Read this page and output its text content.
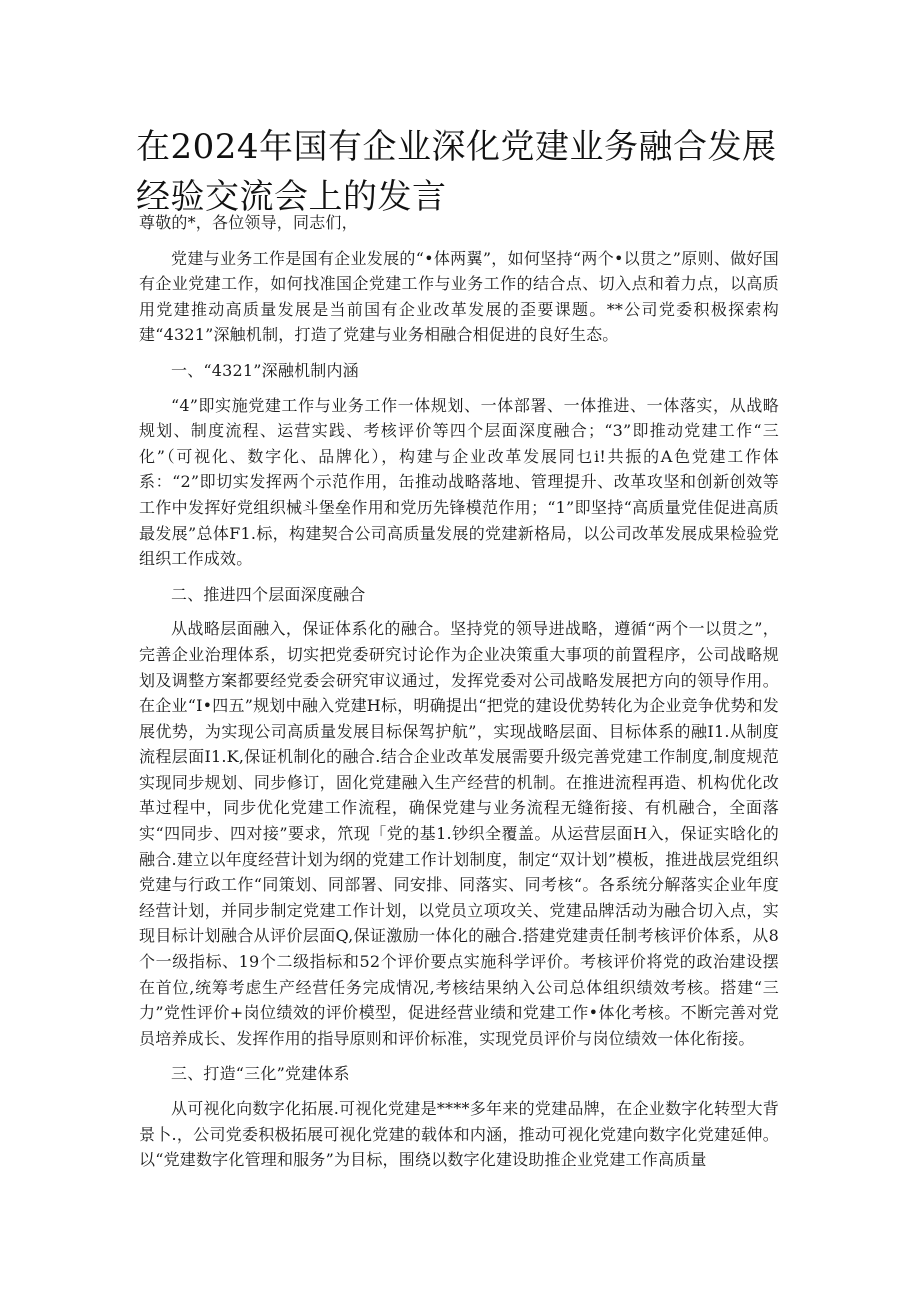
在2024年国有企业深化党建业务融合发展经验交流会上的发言

尊敬的*，各位领导，同志们，

党建与业务工作是国有企业发展的“•体两翼”，如何坚持“两个•以贯之”原则、做好国有企业党建工作，如何找准国企党建工作与业务工作的结合点、切入点和着力点，以高质用党建推动高质量发展是当前国有企业改革发展的歪要课题。**公司党委积极探索构建“4321”深触机制，打造了党建与业务相融合相促进的良好生态。

一、“4321”深融机制内涵

“4”即实施党建工作与业务工作一体规划、一体部署、一体推进、一体落实，从战略规划、制度流程、运营实践、考核评价等四个层面深度融合；“3”即推动党建工作“三化”（可视化、数字化、品牌化），构建与企业改革发展同乜i!共振的A色党建工作体系：“2”即切实发挥两个示范作用，缶推动战略落地、管理提升、改革攻坚和创新创效等工作中发挥好党组织械斗堡垒作用和党历先锋模范作用；“1”即坚持“高质量党佳促进高质最发展”总体F1.标，构建契合公司高质量发展的党建新格局，以公司改革发展成果检验党组织工作成效。

二、推进四个层面深度融合

从战略层面融入，保证体系化的融合。坚持党的领导进战略，遵循“两个一以贯之”，完善企业治理体系，切实把党委研究讨论作为企业决策重大事项的前置程序，公司战略规划及调整方案都要经党委会研究审议通过，发挥党委对公司战略发展把方向的领导作用。在企业“I•四五”规划中融入党建H标，明确提出“把党的建设优势转化为企业竞争优势和发展优势，为实现公司高质量发展目标保驾护航”，实现战略层面、目标体系的融I1.从制度流程层面I1.K,保证机制化的融合.结合企业改革发展需要升级完善党建工作制度,制度规范实现同步规划、同步修订，固化党建融入生产经营的机制。在推进流程再造、机构优化改革过程中，同步优化党建工作流程，确保党建与业务流程无缝衔接、有机融合，全面落实“四同步、四对接”要求，笊现「党的基1.钞织全覆盖。从运营层面H入，保证实晗化的融合.建立以年度经营计划为纲的党建工作计划制度，制定“双计划”模板，推进战层党组织党建与行政工作“同策划、同部署、同安排、同落实、同考核“。各系统分解落实企业年度经营计划，并同步制定党建工作计划，以党员立项攻关、党建品牌活动为融合切入点，实现目标计划融合从评价层面Q,保证激励一体化的融合.搭建党建责任制考核评价体系，从8个一级指标、19个二级指标和52个评价要点实施科学评价。考核评价将党的政治建设摆在首位,统筹考虑生产经营任务完成情况,考核结果纳入公司总体组织绩效考核。搭建“三力”党性评价+岗位绩效的评价模型，促进经营业绩和党建工作•体化考核。不断完善对党员培养成长、发挥作用的指导原则和评价标准，实现党员评价与岗位绩效一体化衔接。

三、打造“三化”党建体系

从可视化向数字化拓展.可视化党建是****多年来的党建品牌，在企业数字化转型大背景卜.，公司党委积极拓展可视化党建的载体和内涵，推动可视化党建向数字化党建延伸。以“党建数字化管理和服务”为目标，围绕以数字化建设助推企业党建工作高质量
